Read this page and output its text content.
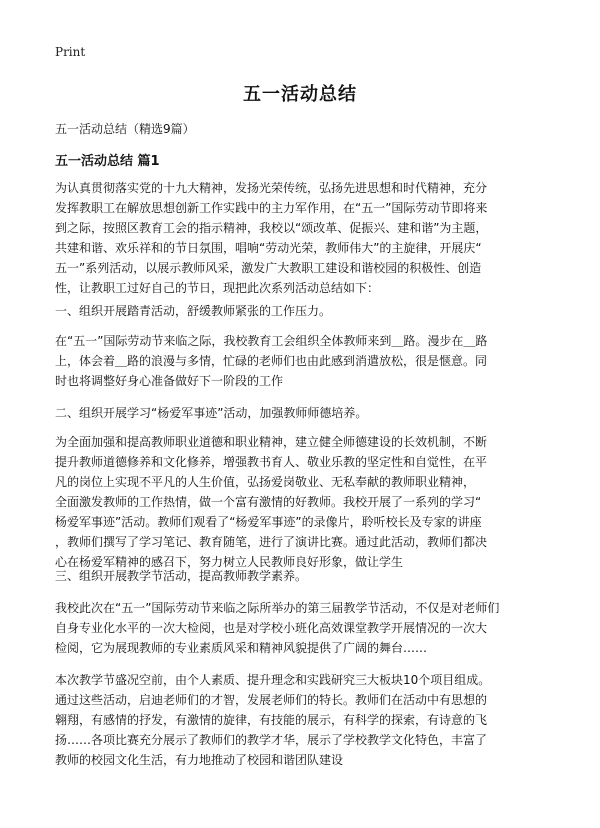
Print
五一活动总结
五一活动总结（精选9篇）
五一活动总结 篇1
为认真贯彻落实党的十九大精神，发扬光荣传统，弘扬先进思想和时代精神，充分
发挥教职工在解放思想创新工作实践中的主力军作用，在“五一”国际劳动节即将来
到之际，按照区教育工会的指示精神，我校以“颂改革、促振兴、建和谐”为主题，
共建和谐、欢乐祥和的节日氛围，唱响“劳动光荣，教师伟大”的主旋律，开展庆“
五一”系列活动，以展示教师风采，激发广大教职工建设和谐校园的积极性、创造
性，让教职工过好自己的节日，现把此次系列活动总结如下：
一、组织开展踏青活动，舒缓教师紧张的工作压力。
在“五一”国际劳动节来临之际，我校教育工会组织全体教师来到＿路。漫步在＿路
上，体会着＿路的浪漫与多情，忙碌的老师们也由此感到消遣放松，很是惬意。同
时也将调整好身心准备做好下一阶段的工作
二、组织开展学习“杨爱军事迹”活动，加强教师师德培养。
为全面加强和提高教师职业道德和职业精神，建立健全师德建设的长效机制，不断
提升教师道德修养和文化修养，增强教书育人、敬业乐教的坚定性和自觉性，在平
凡的岗位上实现不平凡的人生价值，弘扬爱岗敬业、无私奉献的教师职业精神，
全面激发教师的工作热情，做一个富有激情的好教师。我校开展了一系列的学习“
杨爱军事迹”活动。教师们观看了“杨爱军事迹”的录像片，聆听校长及专家的讲座
，教师们撰写了学习笔记、教育随笔，进行了演讲比赛。通过此活动，教师们都决
心在杨爱军精神的感召下，努力树立人民教师良好形象，做让学生
三、组织开展教学节活动，提高教师教学素养。
我校此次在“五一”国际劳动节来临之际所举办的第三届教学节活动，不仅是对老师们
自身专业化水平的一次大检阅，也是对学校小班化高效课堂教学开展情况的一次大
检阅，它为展现教师的专业素质风采和精神风貌提供了广阔的舞台……
本次教学节盛况空前，由个人素质、提升理念和实践研究三大板块10个项目组成。
通过这些活动，启迪老师们的才智，发展老师们的特长。教师们在活动中有思想的
翱翔，有感情的抒发，有激情的旋律，有技能的展示，有科学的探索，有诗意的飞
扬……各项比赛充分展示了教师们的教学才华，展示了学校教学文化特色，丰富了
教师的校园文化生活，有力地推动了校园和谐团队建设
